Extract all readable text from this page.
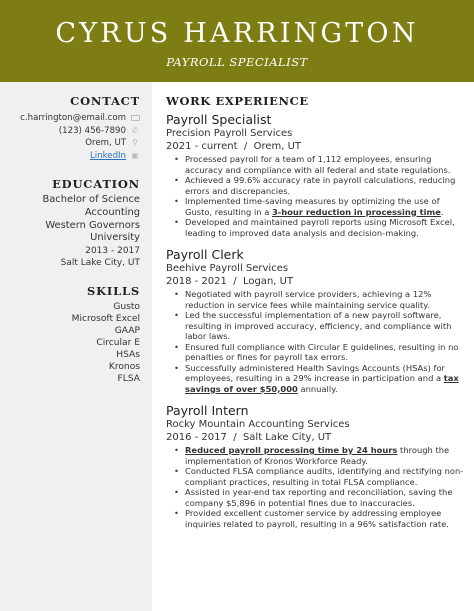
CYRUS HARRINGTON
PAYROLL SPECIALIST
CONTACT
c.harrington@email.com
(123) 456-7890 ✆
Orem, UT ⚲
LinkedIn ▣
EDUCATION
Bachelor of Science
Accounting
Western Governors
University
2013 - 2017
Salt Lake City, UT
SKILLS
Gusto
Microsoft Excel
GAAP
Circular E
HSAs
Kronos
FLSA
WORK EXPERIENCE
Payroll Specialist
Precision Payroll Services
2021 - current  /  Orem, UT
• Processed payroll for a team of 1,112 employees, ensuring accuracy and compliance with all federal and state regulations.
• Achieved a 99.6% accuracy rate in payroll calculations, reducing errors and discrepancies.
• Implemented time-saving measures by optimizing the use of Gusto, resulting in a 3-hour reduction in processing time.
• Developed and maintained payroll reports using Microsoft Excel, leading to improved data analysis and decision-making.
Payroll Clerk
Beehive Payroll Services
2018 - 2021  /  Logan, UT
• Negotiated with payroll service providers, achieving a 12% reduction in service fees while maintaining service quality.
• Led the successful implementation of a new payroll software, resulting in improved accuracy, efficiency, and compliance with labor laws.
• Ensured full compliance with Circular E guidelines, resulting in no penalties or fines for payroll tax errors.
• Successfully administered Health Savings Accounts (HSAs) for employees, resulting in a 29% increase in participation and a tax savings of over $50,000 annually.
Payroll Intern
Rocky Mountain Accounting Services
2016 - 2017  /  Salt Lake City, UT
• Reduced payroll processing time by 24 hours through the implementation of Kronos Workforce Ready.
• Conducted FLSA compliance audits, identifying and rectifying non-compliant practices, resulting in total FLSA compliance.
• Assisted in year-end tax reporting and reconciliation, saving the company $5,896 in potential fines due to inaccuracies.
• Provided excellent customer service by addressing employee inquiries related to payroll, resulting in a 96% satisfaction rate.
